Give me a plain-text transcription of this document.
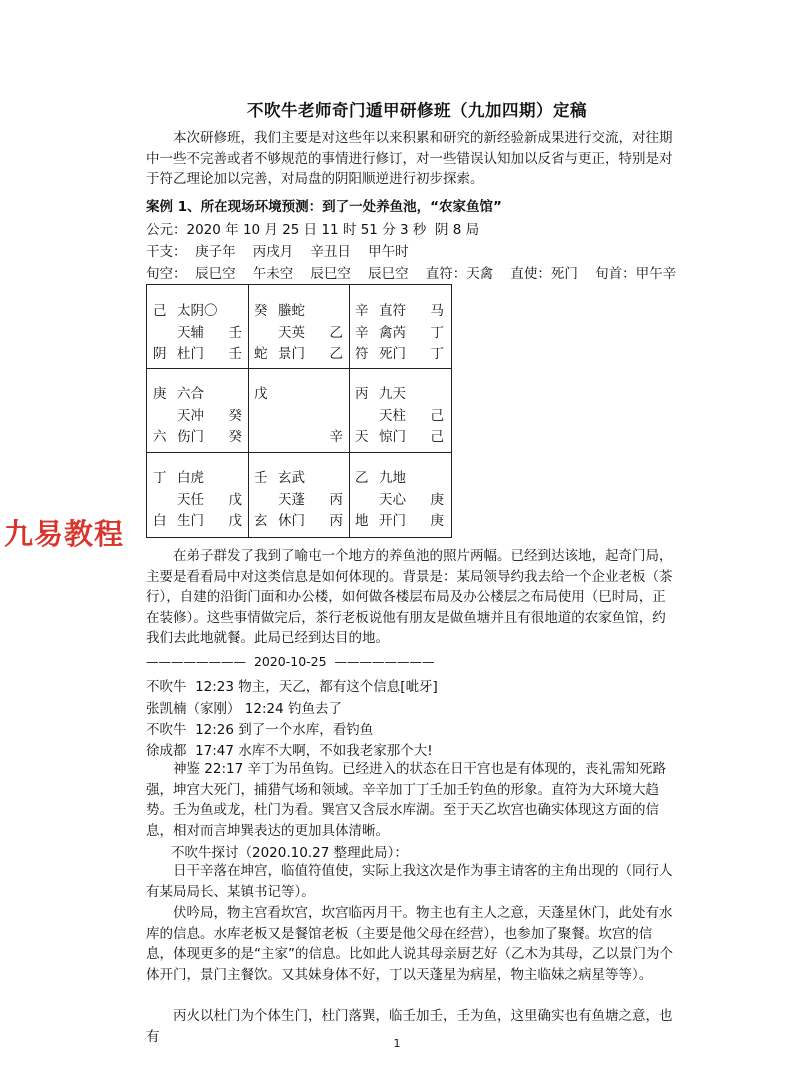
不吹牛老师奇门遁甲研修班（九加四期）定稿

本次研修班，我们主要是对这些年以来积累和研究的新经验新成果进行交流，对往期中一些不完善或者不够规范的事情进行修订，对一些错误认知加以反省与更正，特别是对于符乙理论加以完善，对局盘的阴阳顺逆进行初步探索。

案例 1、所在现场环境预测：到了一处养鱼池，“农家鱼馆”
公元：2020 年 10 月 25 日 11 时 51 分 3 秒  阴 8 局
干支：  庚子年    丙戌月    辛丑日    甲午时
旬空：  辰巳空    午未空    辰巳空    辰巳空    直符：天禽    直使：死门    旬首：甲午辛
己 太阴〇
天辅 壬
阴 杜门 壬
癸 螣蛇
天英 乙
蛇 景门 乙
辛 直符 马
辛 禽芮 丁
符 死门 丁
庚 六合
天冲 癸
六 伤门 癸
戊
辛
丙 九天
天柱 己
天 惊门 己
丁 白虎
天任 戊
白 生门 戊
壬 玄武
天蓬 丙
玄 休门 丙
乙 九地
天心 庚
地 开门 庚
九易教程

在弟子群发了我到了喻屯一个地方的养鱼池的照片两幅。已经到达该地，起奇门局，主要是看看局中对这类信息是如何体现的。背景是：某局领导约我去给一个企业老板（茶行），自建的沿街门面和办公楼，如何做各楼层布局及办公楼层之布局使用（巳时局，正在装修）。这些事情做完后，茶行老板说他有朋友是做鱼塘并且有很地道的农家鱼馆，约我们去此地就餐。此局已经到达目的地。

————————  2020-10-25  ————————
不吹牛  12:23 物主，天乙，都有这个信息[呲牙]
张凯楠（家刚） 12:24 钓鱼去了
不吹牛  12:26 到了一个水库，看钓鱼
徐成都  17:47 水库不大啊，不如我老家那个大!

神鉴 22:17 辛丁为吊鱼钩。已经进入的状态在日干宫也是有体现的，丧礼需知死路强，坤宫大死门，捕猎气场和领域。辛辛加丁丁壬加壬钓鱼的形象。直符为大环境大趋势。壬为鱼或龙，杜门为看。巽宫又含辰水库湖。至于天乙坎宫也确实体现这方面的信息，相对而言坤巽表达的更加具体清晰。

不吹牛探讨（2020.10.27 整理此局）：

日干辛落在坤宫，临值符值使，实际上我这次是作为事主请客的主角出现的（同行人有某局局长、某镇书记等）。

伏吟局，物主宫看坎宫，坎宫临丙月干。物主也有主人之意，天蓬星休门，此处有水库的信息。水库老板又是餐馆老板（主要是他父母在经营），也参加了聚餐。坎宫的信息，体现更多的是“主家”的信息。比如此人说其母亲厨艺好（乙木为其母，乙以景门为个体开门，景门主餐饮。又其妹身体不好，丁以天蓬星为病星，物主临妹之病星等等）。

丙火以杜门为个体生门，杜门落巽，临壬加壬，壬为鱼，这里确实也有鱼塘之意，也有	1
